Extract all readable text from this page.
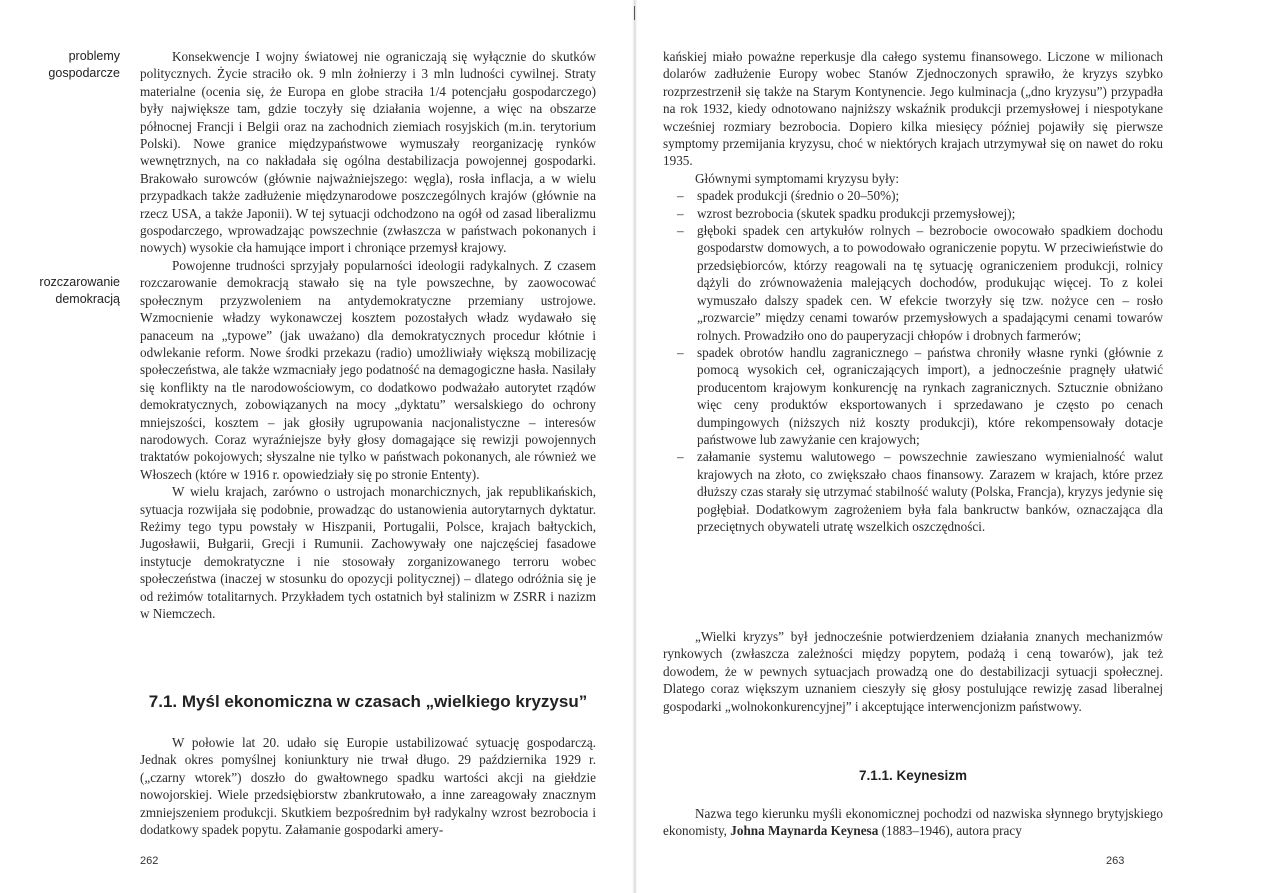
problemy
gospodarcze
rozczarowanie
demokracją

Konsekwencje I wojny światowej nie ograniczają się wyłącznie do skutków politycznych. Życie straciło ok. 9 mln żołnierzy i 3 mln ludności cywilnej. Straty materialne (ocenia się, że Europa en globe straciła 1/4 potencjału gospodarczego) były największe tam, gdzie toczyły się działania wojenne, a więc na obszarze północnej Francji i Belgii oraz na zachodnich ziemiach rosyjskich (m.in. terytorium Polski). Nowe granice międzypaństwowe wymuszały reorganizację rynków wewnętrznych, na co nakładała się ogólna destabilizacja powojennej gospodarki. Brakowało surowców (głównie najważniejszego: węgla), rosła inflacja, a w wielu przypadkach także zadłużenie międzynarodowe poszczególnych krajów (głównie na rzecz USA, a także Japonii). W tej sytuacji odchodzono na ogół od zasad liberalizmu gospodarczego, wprowadzając powszechnie (zwłaszcza w państwach pokonanych i nowych) wysokie cła hamujące import i chroniące przemysł krajowy.

Powojenne trudności sprzyjały popularności ideologii radykalnych. Z czasem rozczarowanie demokracją stawało się na tyle powszechne, by zaowocować społecznym przyzwoleniem na antydemokratyczne przemiany ustrojowe. Wzmocnienie władzy wykonawczej kosztem pozostałych władz wydawało się panaceum na „typowe” (jak uważano) dla demokratycznych procedur kłótnie i odwlekanie reform. Nowe środki przekazu (radio) umożliwiały większą mobilizację społeczeństwa, ale także wzmacniały jego podatność na demagogiczne hasła. Nasilały się konflikty na tle narodowościowym, co dodatkowo podważało autorytet rządów demokratycznych, zobowiązanych na mocy „dyktatu” wersalskiego do ochrony mniejszości, kosztem – jak głosiły ugrupowania nacjonalistyczne – interesów narodowych. Coraz wyraźniejsze były głosy domagające się rewizji powojennych traktatów pokojowych; słyszalne nie tylko w państwach pokonanych, ale również we Włoszech (które w 1916 r. opowiedziały się po stronie Ententy).

W wielu krajach, zarówno o ustrojach monarchicznych, jak republikańskich, sytuacja rozwijała się podobnie, prowadząc do ustanowienia autorytarnych dyktatur. Reżimy tego typu powstały w Hiszpanii, Portugalii, Polsce, krajach bałtyckich, Jugosławii, Bułgarii, Grecji i Rumunii. Zachowywały one najczęściej fasadowe instytucje demokratyczne i nie stosowały zorganizowanego terroru wobec społeczeństwa (inaczej w stosunku do opozycji politycznej) – dlatego odróżnia się je od reżimów totalitarnych. Przykładem tych ostatnich był stalinizm w ZSRR i nazizm w Niemczech.

7.1. Myśl ekonomiczna w czasach „wielkiego kryzysu”

W połowie lat 20. udało się Europie ustabilizować sytuację gospodarczą. Jednak okres pomyślnej koniunktury nie trwał długo. 29 października 1929 r. („czarny wtorek”) doszło do gwałtownego spadku wartości akcji na giełdzie nowojorskiej. Wiele przedsiębiorstw zbankrutowało, a inne zareagowały znacznym zmniejszeniem produkcji. Skutkiem bezpośrednim był radykalny wzrost bezrobocia i dodatkowy spadek popytu. Załamanie gospodarki amery-

262

kańskiej miało poważne reperkusje dla całego systemu finansowego. Liczone w milionach dolarów zadłużenie Europy wobec Stanów Zjednoczonych sprawiło, że kryzys szybko rozprzestrzenił się także na Starym Kontynencie. Jego kulminacja („dno kryzysu”) przypadła na rok 1932, kiedy odnotowano najniższy wskaźnik produkcji przemysłowej i niespotykane wcześniej rozmiary bezrobocia. Dopiero kilka miesięcy później pojawiły się pierwsze symptomy przemijania kryzysu, choć w niektórych krajach utrzymywał się on nawet do roku 1935.

Głównymi symptomami kryzysu były:

– spadek produkcji (średnio o 20–50%);
– wzrost bezrobocia (skutek spadku produkcji przemysłowej);
– głęboki spadek cen artykułów rolnych – bezrobocie owocowało spadkiem dochodu gospodarstw domowych, a to powodowało ograniczenie popytu. W przeciwieństwie do przedsiębiorców, którzy reagowali na tę sytuację ograniczeniem produkcji, rolnicy dążyli do zrównoważenia malejących dochodów, produkując więcej. To z kolei wymuszało dalszy spadek cen. W efekcie tworzyły się tzw. nożyce cen – rosło „rozwarcie” między cenami towarów przemysłowych a spadającymi cenami towarów rolnych. Prowadziło ono do pauperyzacji chłopów i drobnych farmerów;
– spadek obrotów handlu zagranicznego – państwa chroniły własne rynki (głównie z pomocą wysokich ceł, ograniczających import), a jednocześnie pragnęły ułatwić producentom krajowym konkurencję na rynkach zagranicznych. Sztucznie obniżano więc ceny produktów eksportowanych i sprzedawano je często po cenach dumpingowych (niższych niż koszty produkcji), które rekompensowały dotacje państwowe lub zawyżanie cen krajowych;
– załamanie systemu walutowego – powszechnie zawieszano wymienialność walut krajowych na złoto, co zwiększało chaos finansowy. Zarazem w krajach, które przez dłuższy czas starały się utrzymać stabilność waluty (Polska, Francja), kryzys jedynie się pogłębiał. Dodatkowym zagrożeniem była fala bankructw banków, oznaczająca dla przeciętnych obywateli utratę wszelkich oszczędności.

„Wielki kryzys” był jednocześnie potwierdzeniem działania znanych mechanizmów rynkowych (zwłaszcza zależności między popytem, podażą i ceną towarów), jak też dowodem, że w pewnych sytuacjach prowadzą one do destabilizacji sytuacji społecznej. Dlatego coraz większym uznaniem cieszyły się głosy postulujące rewizję zasad liberalnej gospodarki „wolnokonkurencyjnej” i akceptujące interwencjonizm państwowy.

7.1.1. Keynesizm

Nazwa tego kierunku myśli ekonomicznej pochodzi od nazwiska słynnego brytyjskiego ekonomisty, Johna Maynarda Keynesa (1883–1946), autora pracy

263
